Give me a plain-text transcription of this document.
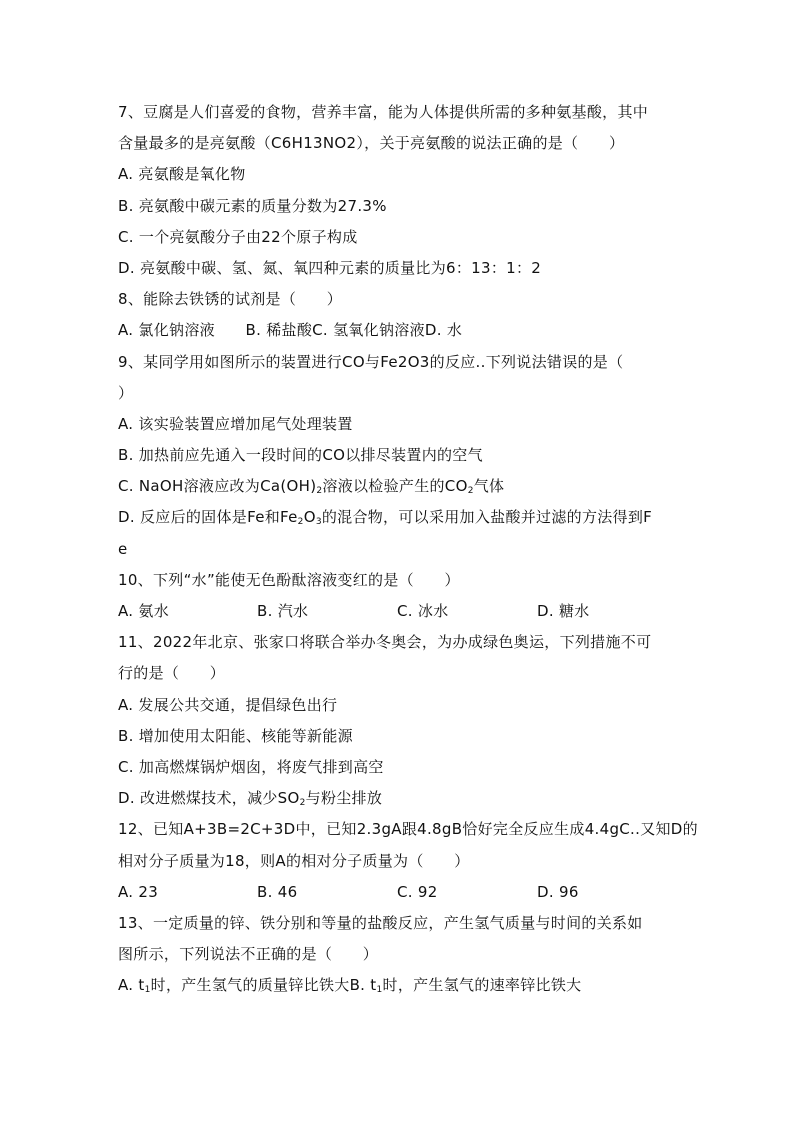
7、豆腐是人们喜爱的食物，营养丰富，能为人体提供所需的多种氨基酸，其中
含量最多的是亮氨酸（C6H13NO2），关于亮氨酸的说法正确的是（　　）
A. 亮氨酸是氧化物
B. 亮氨酸中碳元素的质量分数为27.3%
C. 一个亮氨酸分子由22个原子构成
D. 亮氨酸中碳、氢、氮、氧四种元素的质量比为6：13：1：2
8、能除去铁锈的试剂是（　　）
A. 氯化钠溶液　　B. 稀盐酸C. 氢氧化钠溶液D. 水
9、某同学用如图所示的装置进行CO与Fe2O3的反应..下列说法错误的是（
）
A. 该实验装置应增加尾气处理装置
B. 加热前应先通入一段时间的CO以排尽装置内的空气
C. NaOH溶液应改为$Ca(OH)_2$溶液以检验产生的$CO_2$气体
D. 反应后的固体是Fe和$Fe_2O_3$的混合物，可以采用加入盐酸并过滤的方法得到F
e
10、下列“水”能使无色酚酞溶液变红的是（　　）
A. 氨水	B. 汽水	C. 冰水	D. 糖水
11、2022年北京、张家口将联合举办冬奥会，为办成绿色奥运，下列措施不可
行的是（　　）
A. 发展公共交通，提倡绿色出行
B. 增加使用太阳能、核能等新能源
C. 加高燃煤锅炉烟囱，将废气排到高空
D. 改进燃煤技术，减少$SO_2$与粉尘排放
12、已知A+3B=2C+3D中，已知2.3gA跟4.8gB恰好完全反应生成4.4gC..又知D的
相对分子质量为18，则A的相对分子质量为（　　）
A. 23	B. 46	C. 92	D. 96
13、一定质量的锌、铁分别和等量的盐酸反应，产生氢气质量与时间的关系如
图所示，下列说法不正确的是（　　）
A. $t_1$时，产生氢气的质量锌比铁大B. $t_1$时，产生氢气的速率锌比铁大
